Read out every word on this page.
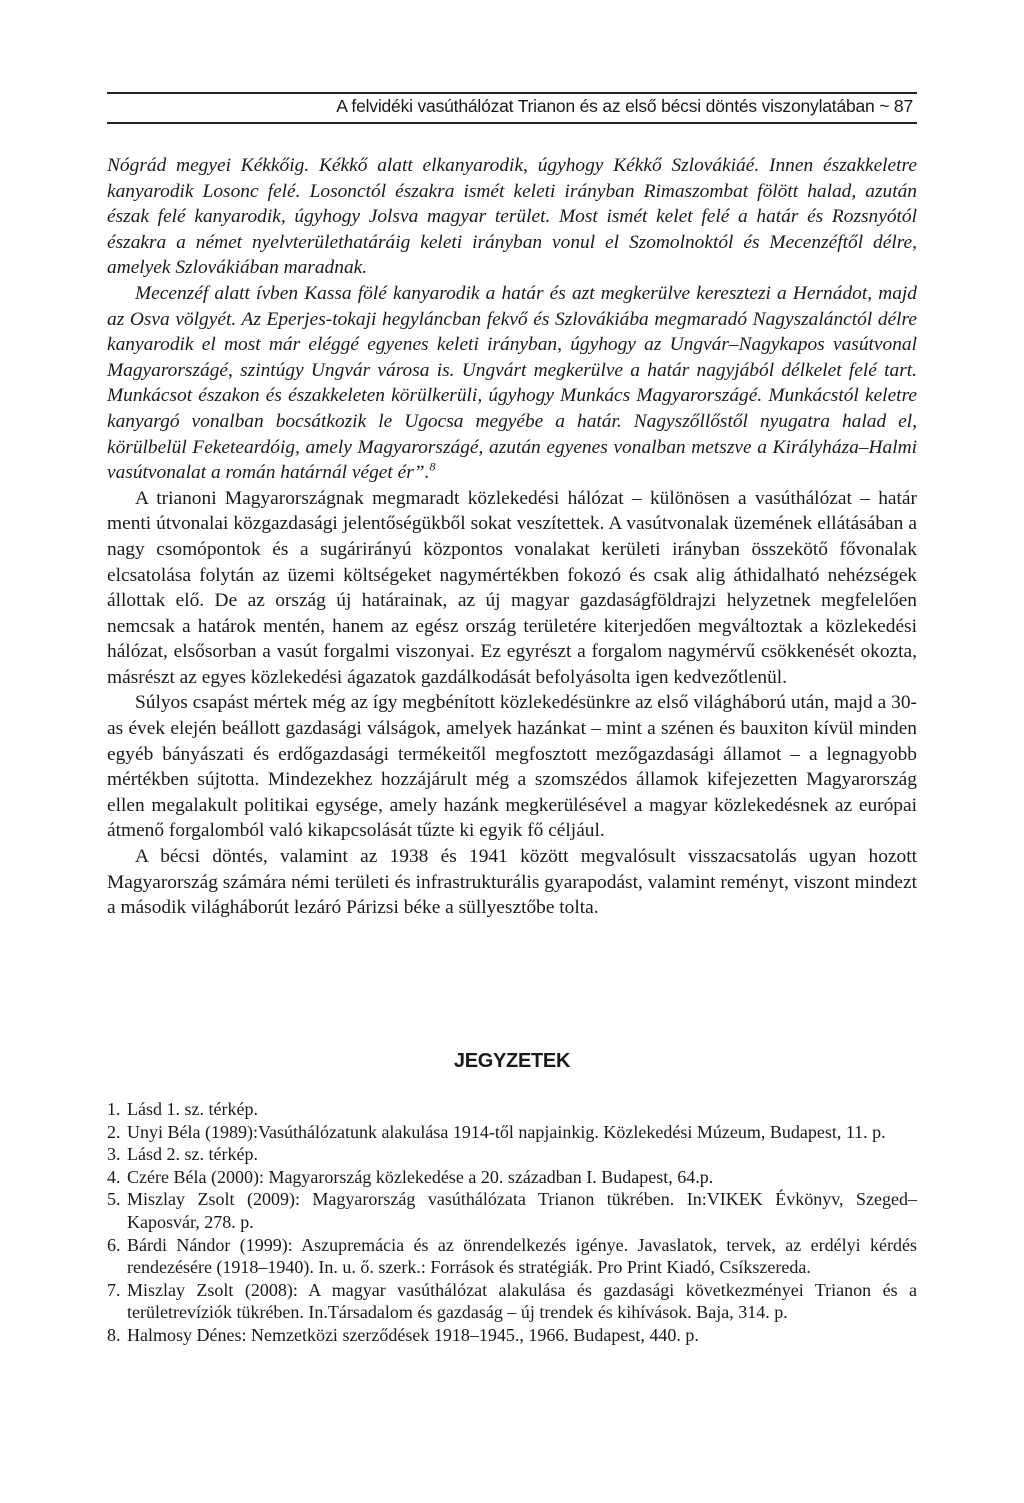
A felvidéki vasúthálózat Trianon és az első bécsi döntés viszonylatában ~ 87

Nógrád megyei Kékkőig. Kékkő alatt elkanyarodik, úgyhogy Kékkő Szlovákiáé. Innen északkeletre kanyarodik Losonc felé. Losonctól északra ismét keleti irányban Rimaszombat fölött halad, azután észak felé kanyarodik, úgyhogy Jolsva magyar terület. Most ismét kelet felé a határ és Rozsnyótól északra a német nyelvterülethatáráig keleti irányban vonul el Szomolnoktól és Mecenzéftől délre, amelyek Szlovákiában maradnak.

Mecenzéf alatt ívben Kassa fölé kanyarodik a határ és azt megkerülve keresztezi a Hernádot, majd az Osva völgyét. Az Eperjes-tokaji hegyláncban fekvő és Szlovákiába megmaradó Nagyszalánctól délre kanyarodik el most már eléggé egyenes keleti irányban, úgyhogy az Ungvár–Nagykapos vasútvonal Magyarországé, szintúgy Ungvár városa is. Ungvárt megkerülve a határ nagyjából délkelet felé tart. Munkácsot északon és északkeleten körülkerüli, úgyhogy Munkács Magyarországé. Munkácstól keletre kanyargó vonalban bocsátkozik le Ugocsa megyébe a határ. Nagyszőllőstől nyugatra halad el, körülbelül Feketeardóig, amely Magyarországé, azután egyenes vonalban metszve a Királyháza–Halmi vasútvonalat a román határnál véget ér”.$^8$

A trianoni Magyarországnak megmaradt közlekedési hálózat – különösen a vasúthálózat – határ menti útvonalai közgazdasági jelentőségükből sokat veszítettek. A vasútvonalak üzemének ellátásában a nagy csomópontok és a sugárirányú központos vonalakat kerületi irányban összekötő fővonalak elcsatolása folytán az üzemi költségeket nagymértékben fokozó és csak alig áthidalható nehézségek állottak elő. De az ország új határainak, az új magyar gazdaságföldrajzi helyzetnek megfelelően nemcsak a határok mentén, hanem az egész ország területére kiterjedően megváltoztak a közlekedési hálózat, elsősorban a vasút forgalmi viszonyai. Ez egyrészt a forgalom nagymérvű csökkenését okozta, másrészt az egyes közlekedési ágazatok gazdálkodását befolyásolta igen kedvezőtlenül.

Súlyos csapást mértek még az így megbénított közlekedésünkre az első világháború után, majd a 30-as évek elején beállott gazdasági válságok, amelyek hazánkat – mint a szénen és bauxiton kívül minden egyéb bányászati és erdőgazdasági termékeitől megfosztott mezőgazdasági államot – a legnagyobb mértékben sújtotta. Mindezekhez hozzájárult még a szomszédos államok kifejezetten Magyarország ellen megalakult politikai egysége, amely hazánk megkerülésével a magyar közlekedésnek az európai átmenő forgalomból való kikapcsolását tűzte ki egyik fő céljául.

A bécsi döntés, valamint az 1938 és 1941 között megvalósult visszacsatolás ugyan hozott Magyarország számára némi területi és infrastrukturális gyarapodást, valamint reményt, viszont mindezt a második világháborút lezáró Párizsi béke a süllyesztőbe tolta.

JEGYZETEK
1. Lásd 1. sz. térkép.
2. Unyi Béla (1989):Vasúthálózatunk alakulása 1914-től napjainkig. Közlekedési Múzeum, Budapest, 11. p.
3. Lásd 2. sz. térkép.
4. Czére Béla (2000): Magyarország közlekedése a 20. században I. Budapest, 64.p.
5. Miszlay Zsolt (2009): Magyarország vasúthálózata Trianon tükrében. In:VIKEK Évkönyv, Szeged–Kaposvár, 278. p.
6. Bárdi Nándor (1999): Aszupremácia és az önrendelkezés igénye. Javaslatok, tervek, az erdélyi kérdés rendezésére (1918–1940). In. u. ő. szerk.: Források és stratégiák. Pro Print Kiadó, Csíkszereda.
7. Miszlay Zsolt (2008): A magyar vasúthálózat alakulása és gazdasági következményei Trianon és a területrevíziók tükrében. In.Társadalom és gazdaság – új trendek és kihívások. Baja, 314. p.
8. Halmosy Dénes: Nemzetközi szerződések 1918–1945., 1966. Budapest, 440. p.
